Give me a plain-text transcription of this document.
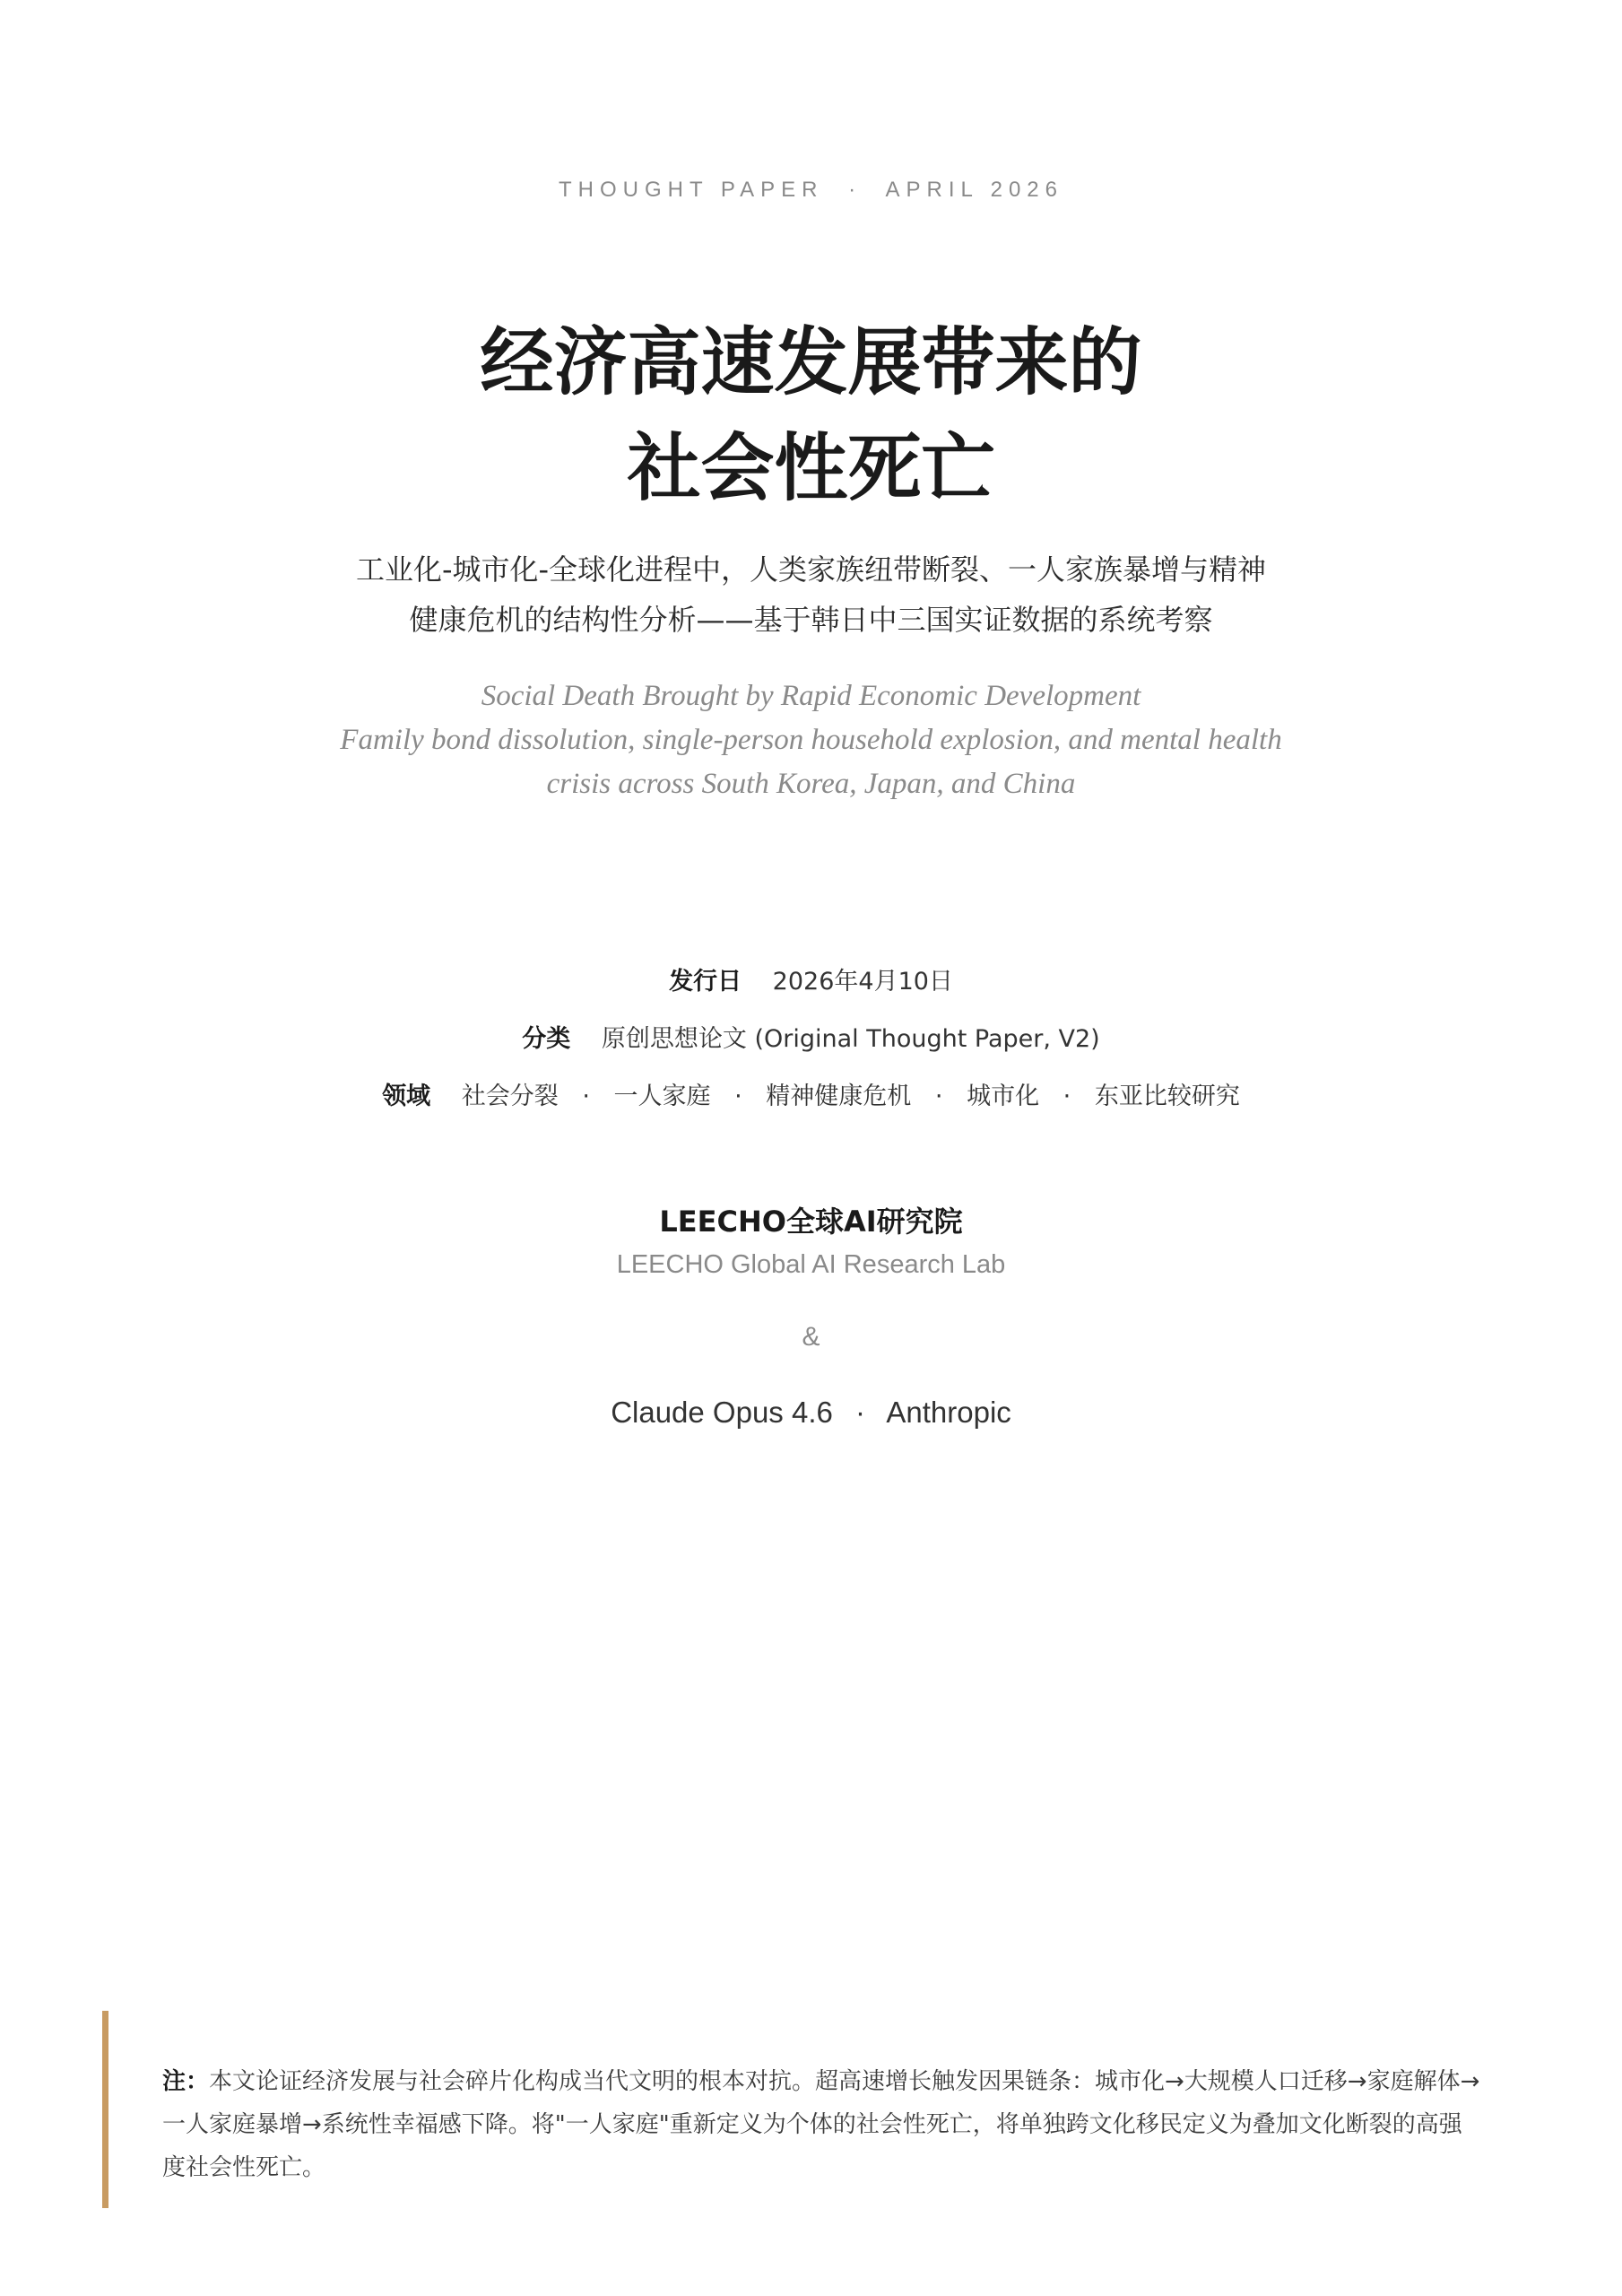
THOUGHT PAPER · APRIL 2026
经济高速发展带来的
社会性死亡
工业化-城市化-全球化进程中，人类家族纽带断裂、一人家族暴增与精神
健康危机的结构性分析——基于韩日中三国实证数据的系统考察
Social Death Brought by Rapid Economic Development
Family bond dissolution, single-person household explosion, and mental health
crisis across South Korea, Japan, and China
发行日 2026年4月10日
分类 原创思想论文 (Original Thought Paper, V2)
领域 社会分裂 · 一人家庭 · 精神健康危机 · 城市化 · 东亚比较研究
LEECHO全球AI研究院
LEECHO Global AI Research Lab
&
Claude Opus 4.6 · Anthropic
注：本文论证经济发展与社会碎片化构成当代文明的根本对抗。超高速增长触发因果链条：城市化→大规模人口迁移→家庭解体→一人家庭暴增→系统性幸福感下降。将"一人家庭"重新定义为个体的社会性死亡，将单独跨文化移民定义为叠加文化断裂的高强度社会性死亡。
